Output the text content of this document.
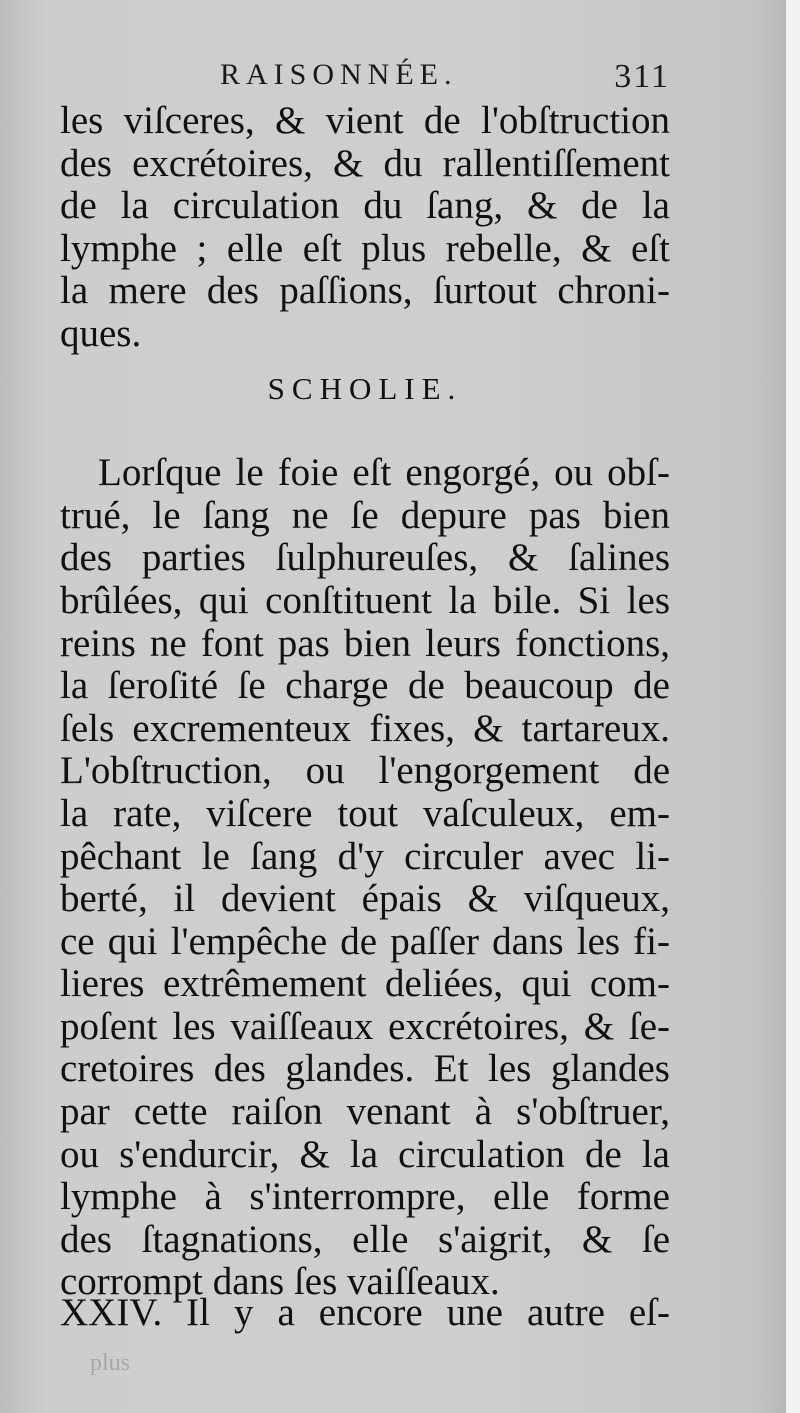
RAISONNÉE.	311
les viſceres, & vient de l'obſtruction
des excrétoires, & du rallentiſſement
de la circulation du ſang, & de la
lymphe ; elle eſt plus rebelle, & eſt
la mere des paſſions, ſurtout chroni-
ques.
SCHOLIE.
Lorſque le foie eſt engorgé, ou obſ-
trué, le ſang ne ſe depure pas bien
des parties ſulphureuſes, & ſalines
brûlées, qui conſtituent la bile. Si les
reins ne font pas bien leurs fonctions,
la ſeroſité ſe charge de beaucoup de
ſels excrementeux fixes, & tartareux.
L'obſtruction, ou l'engorgement de
la rate, viſcere tout vaſculeux, em-
pêchant le ſang d'y circuler avec li-
berté, il devient épais & viſqueux,
ce qui l'empêche de paſſer dans les fi-
lieres extrêmement deliées, qui com-
poſent les vaiſſeaux excrétoires, & ſe-
cretoires des glandes. Et les glandes
par cette raiſon venant à s'obſtruer,
ou s'endurcir, & la circulation de la
lymphe à s'interrompre, elle forme
des ſtagnations, elle s'aigrit, & ſe
corrompt dans ſes vaiſſeaux.
XXIV. Il y a encore une autre eſ-
plus
